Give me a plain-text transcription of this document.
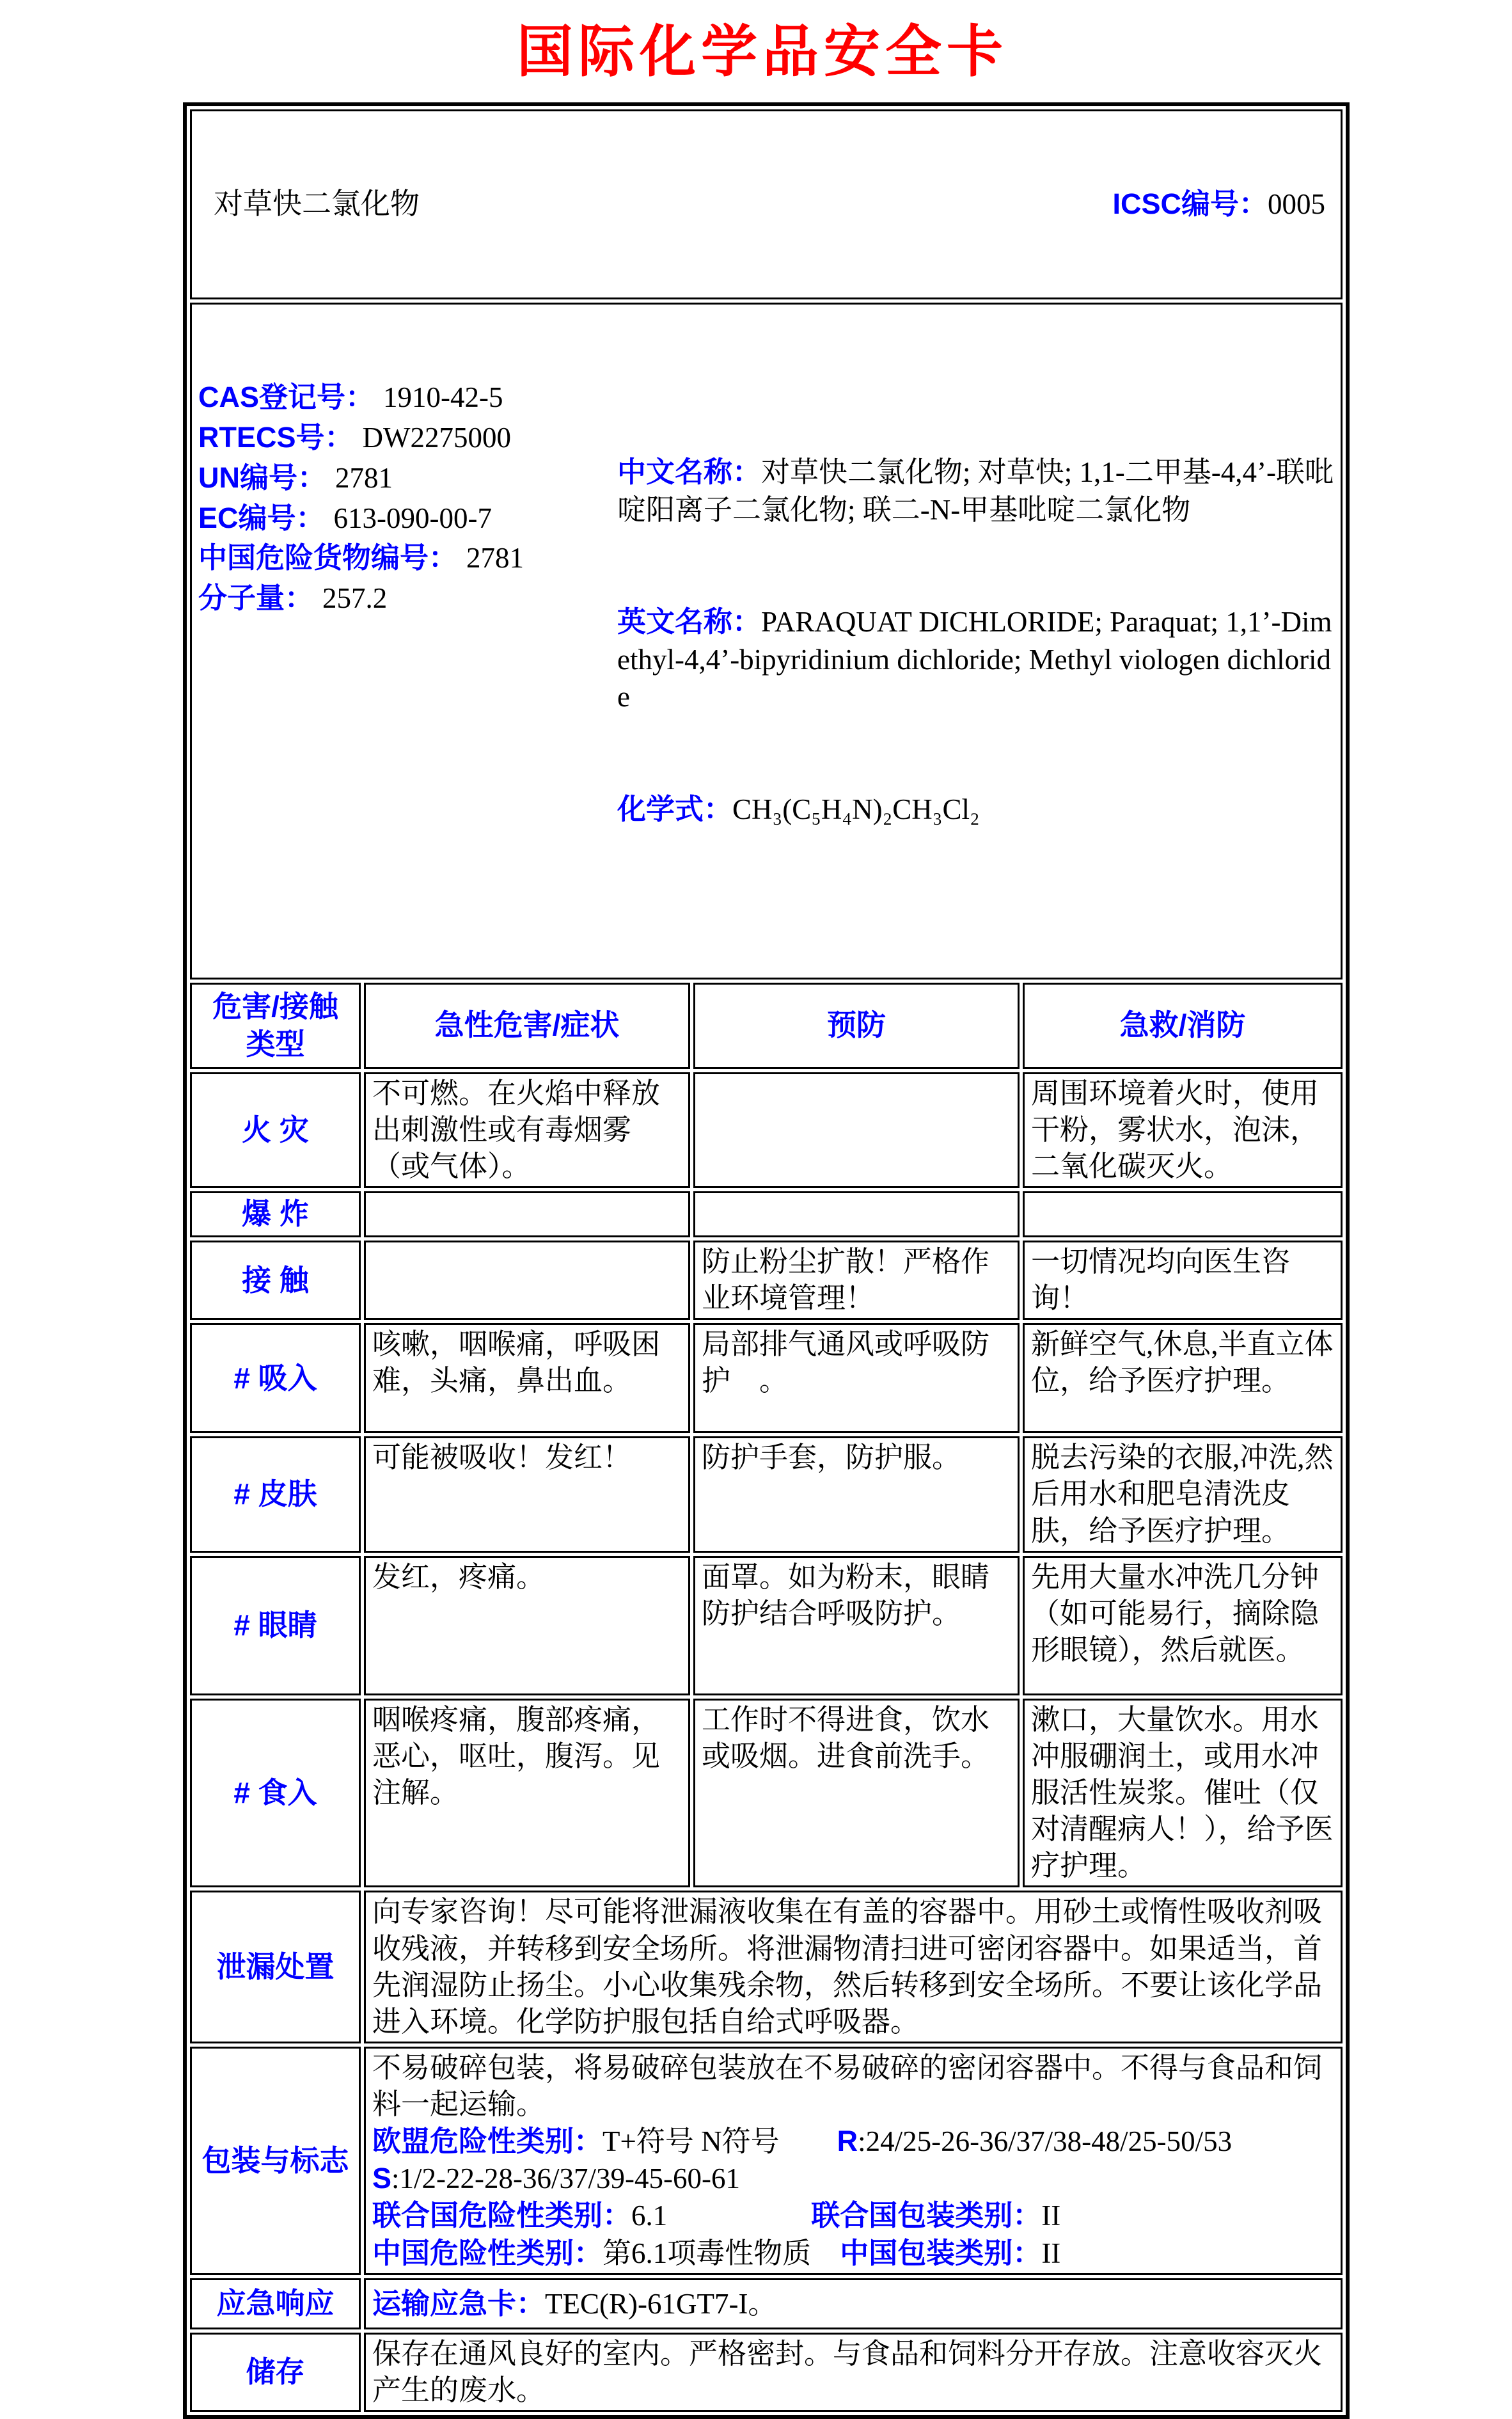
国际化学品安全卡

对草快二氯化物 ICSC编号：0005			

CAS登记号： 1910-42-5
RTECS号： DW2275000
UN编号： 2781
EC编号： 613-090-00-7
中国危险货物编号： 2781
分子量： 257.2

中文名称：对草快二氯化物; 对草快; 1,1-二甲基-4,4’-联吡啶阳离子二氯化物; 联二-N-甲基吡啶二氯化物

英文名称：PARAQUAT DICHLORIDE; Paraquat; 1,1’-Dimethyl-4,4’-bipyridinium dichloride; Methyl viologen dichloride

化学式：CH₃(C₅H₄N)₂CH₃Cl₂

危害/接触类型	急性危害/症状	预防	急救/消防
火 灾	不可燃。在火焰中释放出刺激性或有毒烟雾（或气体）。		周围环境着火时，使用干粉，雾状水，泡沫，二氧化碳灭火。
爆 炸			
接 触		防止粉尘扩散！严格作业环境管理！	一切情况均向医生咨询！
# 吸入	咳嗽，咽喉痛，呼吸困难，头痛，鼻出血。	局部排气通风或呼吸防护　。	新鲜空气,休息,半直立体位，给予医疗护理。
# 皮肤	可能被吸收！发红！	防护手套，防护服。	脱去污染的衣服,冲洗,然后用水和肥皂清洗皮肤，给予医疗护理。
# 眼睛	发红，疼痛。	面罩。如为粉末，眼睛防护结合呼吸防护。	先用大量水冲洗几分钟（如可能易行，摘除隐形眼镜），然后就医。
# 食入	咽喉疼痛，腹部疼痛，恶心，呕吐，腹泻。见注解。	工作时不得进食，饮水或吸烟。进食前洗手。	漱口，大量饮水。用水冲服硼润土，或用水冲服活性炭浆。催吐（仅对清醒病人！），给予医疗护理。
泄漏处置	向专家咨询！尽可能将泄漏液收集在有盖的容器中。用砂土或惰性吸收剂吸收残液，并转移到安全场所。将泄漏物清扫进可密闭容器中。如果适当，首先润湿防止扬尘。小心收集残余物，然后转移到安全场所。不要让该化学品进入环境。化学防护服包括自给式呼吸器。		
包装与标志	不易破碎包装，将易破碎包装放在不易破碎的密闭容器中。不得与食品和饲料一起运输。
欧盟危险性类别：T+符号 N符号　　 R:24/25-26-36/37/38-48/25-50/53
S:1/2-22-28-36/37/39-45-60-61
联合国危险性类别：6.1　　　　　 联合国包装类别：II
中国危险性类别：第6.1项毒性物质　 中国包装类别：II		

应急响应	运输应急卡：TEC(R)-61GT7-I。		
储存	保存在通风良好的室内。严格密封。与食品和饲料分开存放。注意收容灭火产生的废水。		
